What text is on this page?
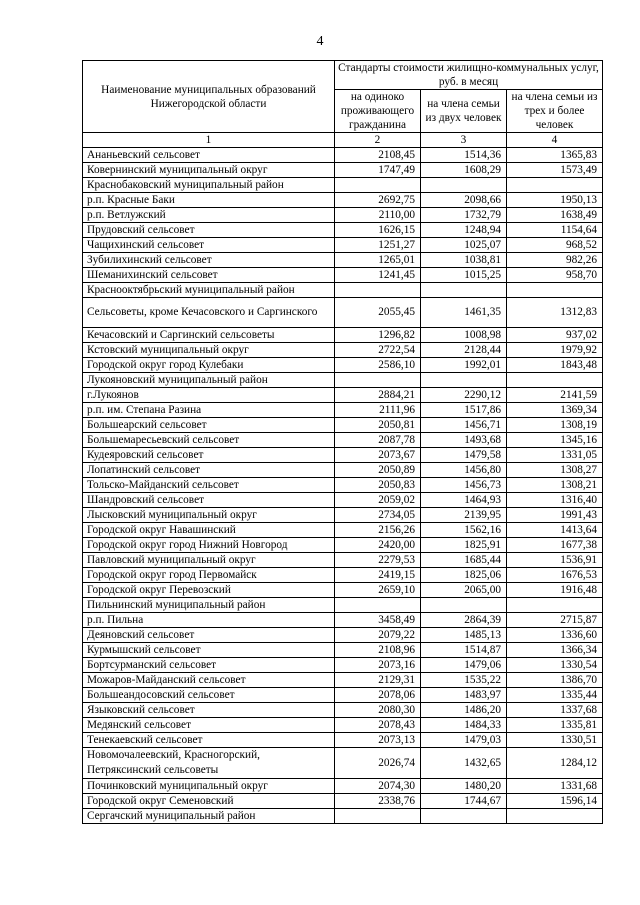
4
Наименование муниципальных образований Нижегородской области	Стандарты стоимости жилищно-коммунальных услуг, руб. в месяц		
	на одиноко проживающего гражданина	на члена семьи из двух человек	на члена семьи из трех и более человек
1	2	3	4
Ананьевский сельсовет	2108,45	1514,36	1365,83
Ковернинский муниципальный округ	1747,49	1608,29	1573,49
Краснобаковский муниципальный район			
р.п. Красные Баки	2692,75	2098,66	1950,13
р.п. Ветлужский	2110,00	1732,79	1638,49
Прудовский сельсовет	1626,15	1248,94	1154,64
Чащихинский сельсовет	1251,27	1025,07	968,52
Зубилихинский сельсовет	1265,01	1038,81	982,26
Шеманихинский сельсовет	1241,45	1015,25	958,70
Краснооктябрьский муниципальный район			
Сельсоветы, кроме Кечасовского и Саргинского	2055,45	1461,35	1312,83
Кечасовский и Саргинский сельсоветы	1296,82	1008,98	937,02
Кстовский муниципальный округ	2722,54	2128,44	1979,92
Городской округ город Кулебаки	2586,10	1992,01	1843,48
Лукояновский муниципальный район			
г.Лукоянов	2884,21	2290,12	2141,59
р.п. им. Степана Разина	2111,96	1517,86	1369,34
Большеарский сельсовет	2050,81	1456,71	1308,19
Большемаресьевский сельсовет	2087,78	1493,68	1345,16
Кудеяровский сельсовет	2073,67	1479,58	1331,05
Лопатинский сельсовет	2050,89	1456,80	1308,27
Тольско-Майданский сельсовет	2050,83	1456,73	1308,21
Шандровский сельсовет	2059,02	1464,93	1316,40
Лысковский муниципальный округ	2734,05	2139,95	1991,43
Городской округ Навашинский	2156,26	1562,16	1413,64
Городской округ город Нижний Новгород	2420,00	1825,91	1677,38
Павловский муниципальный округ	2279,53	1685,44	1536,91
Городской округ город Первомайск	2419,15	1825,06	1676,53
Городской округ Перевозский	2659,10	2065,00	1916,48
Пильнинский муниципальный район			
р.п. Пильна	3458,49	2864,39	2715,87
Деяновский сельсовет	2079,22	1485,13	1336,60
Курмышский сельсовет	2108,96	1514,87	1366,34
Бортсурманский сельсовет	2073,16	1479,06	1330,54
Можаров-Майданский сельсовет	2129,31	1535,22	1386,70
Большеандосовский сельсовет	2078,06	1483,97	1335,44
Языковский сельсовет	2080,30	1486,20	1337,68
Медянский сельсовет	2078,43	1484,33	1335,81
Тенекаевский сельсовет	2073,13	1479,03	1330,51
Новомочалеевский, Красногорский, Петряксинский сельсоветы	2026,74	1432,65	1284,12
Починковский муниципальный округ	2074,30	1480,20	1331,68
Городской округ Семеновский	2338,76	1744,67	1596,14
Сергачский муниципальный район			
